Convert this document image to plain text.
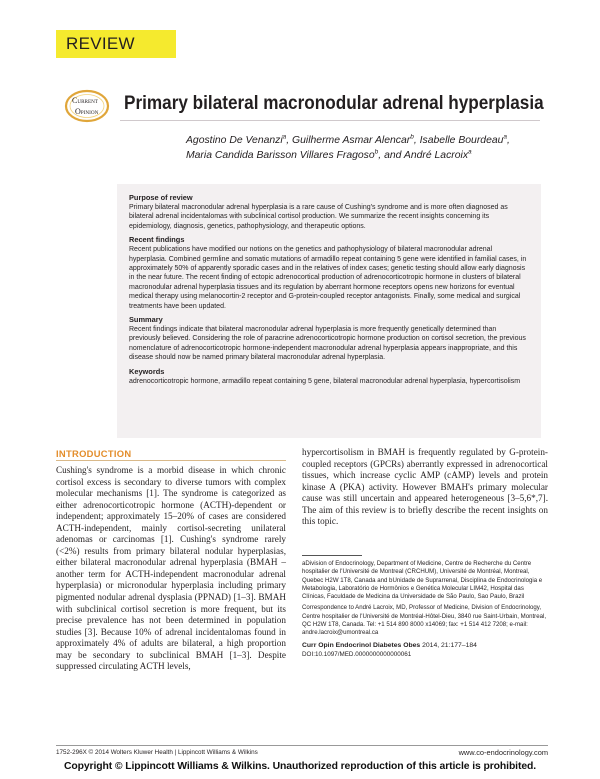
REVIEW
CURRENT
OPINION Primary bilateral macronodular adrenal hyperplasia
Agostino De Venanzi$^a$, Guilherme Asmar Alencar$^b$, Isabelle Bourdeau$^a$,
Maria Candida Barisson Villares Fragoso$^b$, and André Lacroix$^a$
Purpose of review
Primary bilateral macronodular adrenal hyperplasia is a rare cause of Cushing's syndrome and is more often diagnosed as bilateral adrenal incidentalomas with subclinical cortisol production. We summarize the recent insights concerning its epidemiology, diagnosis, genetics, pathophysiology, and therapeutic options.
Recent findings
Recent publications have modified our notions on the genetics and pathophysiology of bilateral macronodular adrenal hyperplasia. Combined germline and somatic mutations of armadillo repeat containing 5 gene were identified in familial cases, in approximately 50% of apparently sporadic cases and in the relatives of index cases; genetic testing should allow early diagnosis in the near future. The recent finding of ectopic adrenocortical production of adrenocorticotropic hormone in clusters of bilateral macronodular adrenal hyperplasia tissues and its regulation by aberrant hormone receptors opens new horizons for eventual medical therapy using melanocortin-2 receptor and G-protein-coupled receptor antagonists. Finally, some medical and surgical treatments have been updated.
Summary
Recent findings indicate that bilateral macronodular adrenal hyperplasia is more frequently genetically determined than previously believed. Considering the role of paracrine adrenocorticotropic hormone production on cortisol secretion, the previous nomenclature of adrenocorticotropic hormone-independent macronodular adrenal hyperplasia appears inappropriate, and this disease should now be named primary bilateral macronodular adrenal hyperplasia.
Keywords
adrenocorticotropic hormone, armadillo repeat containing 5 gene, bilateral macronodular adrenal hyperplasia, hypercortisolism
INTRODUCTION
Cushing's syndrome is a morbid disease in which chronic cortisol excess is secondary to diverse tumors with complex molecular mechanisms [1]. The syndrome is categorized as either adrenocorticotropic hormone (ACTH)-dependent or independent; approximately 15–20% of cases are considered ACTH-independent, mainly cortisol-secreting unilateral adenomas or carcinomas [1]. Cushing's syndrome rarely (<2%) results from primary bilateral nodular hyperplasias, either bilateral macronodular adrenal hyperplasia (BMAH – another term for ACTH-independent macronodular adrenal hyperplasia) or micronodular hyperplasia including primary pigmented nodular adrenal dysplasia (PPNAD) [1–3]. BMAH with subclinical cortisol secretion is more frequent, but its precise prevalence has not been determined in population studies [3]. Because 10% of adrenal incidentalomas found in approximately 4% of adults are bilateral, a high proportion may be secondary to subclinical BMAH [1–3]. Despite suppressed circulating ACTH levels,
hypercortisolism in BMAH is frequently regulated by G-protein- coupled receptors (GPCRs) aberrantly expressed in adrenocortical tissues, which increase cyclic AMP (cAMP) levels and protein kinase A (PKA) activity. However BMAH's primary molecular cause was still uncertain and appeared heterogeneous [3–5,6*,7]. The aim of this review is to briefly describe the recent insights on this topic.
aDivision of Endocrinology, Department of Medicine, Centre de Recherche du Centre hospitalier de l'Université de Montreal (CRCHUM), Université de Montréal, Montreal, Quebec H2W 1T8, Canada and bUnidade de Suprarrenal, Disciplina de Endocrinologia e Metabologia, Laboratório de Hormônios e Genética Molecular LIM42, Hospital das Clínicas, Faculdade de Medicina da Universidade de São Paulo, Sao Paulo, Brazil
Correspondence to André Lacroix, MD, Professor of Medicine, Division of Endocrinology, Centre hospitalier de l'Université de Montréal-Hôtel-Dieu, 3840 rue Saint-Urbain, Montreal, QC H2W 1T8, Canada. Tel: +1 514 890 8000 x14069; fax: +1 514 412 7208; e-mail: andre.lacroix@umontreal.ca
Curr Opin Endocrinol Diabetes Obes 2014, 21:177–184
DOI:10.1097/MED.0000000000000061
1752-296X © 2014 Wolters Kluwer Health | Lippincott Williams & Wilkins	www.co-endocrinology.com
Copyright © Lippincott Williams & Wilkins. Unauthorized reproduction of this article is prohibited.
